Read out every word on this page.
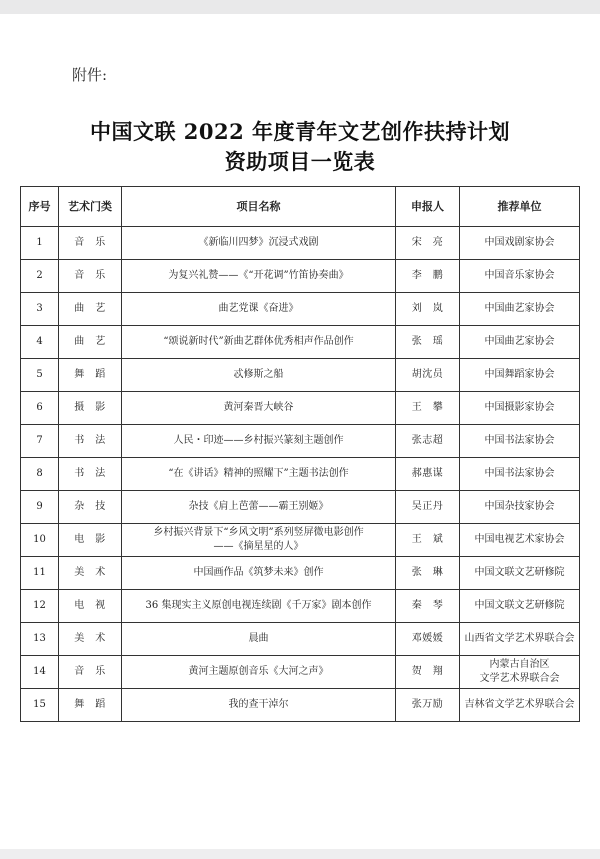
附件:
中国文联 2022 年度青年文艺创作扶持计划
资助项目一览表
序号	艺术门类	项目名称	申报人	推荐单位
1	音　乐	《新临川四梦》沉浸式戏剧	宋　亮	中国戏剧家协会
2	音　乐	为复兴礼赞——《“开花调”竹笛协奏曲》	李　鹏	中国音乐家协会
3	曲　艺	曲艺党课《奋进》	刘　岚	中国曲艺家协会
4	曲　艺	“颂说新时代”新曲艺群体优秀相声作品创作	张　瑶	中国曲艺家协会
5	舞　蹈	忒修斯之船	胡沈员	中国舞蹈家协会
6	摄　影	黄河秦晋大峡谷	王　攀	中国摄影家协会
7	书　法	人民・印迹——乡村振兴篆刻主题创作	张志超	中国书法家协会
8	书　法	“在《讲话》精神的照耀下”主题书法创作	郝惠谋	中国书法家协会
9	杂　技	杂技《肩上芭蕾——霸王别姬》	吴正丹	中国杂技家协会
10	电　影	乡村振兴背景下“乡风文明”系列竖屏微电影创作
——《摘星星的人》	王　斌	中国电视艺术家协会
11	美　术	中国画作品《筑梦未来》创作	张　琳	中国文联文艺研修院
12	电　视	36 集现实主义原创电视连续剧《千万家》剧本创作	秦　琴	中国文联文艺研修院
13	美　术	晨曲	邓媛媛	山西省文学艺术界联合会
14	音　乐	黄河主题原创音乐《大河之声》	贺　翔	内蒙古自治区
文学艺术界联合会

15	舞　蹈	我的查干淖尔	张万励	吉林省文学艺术界联合会
